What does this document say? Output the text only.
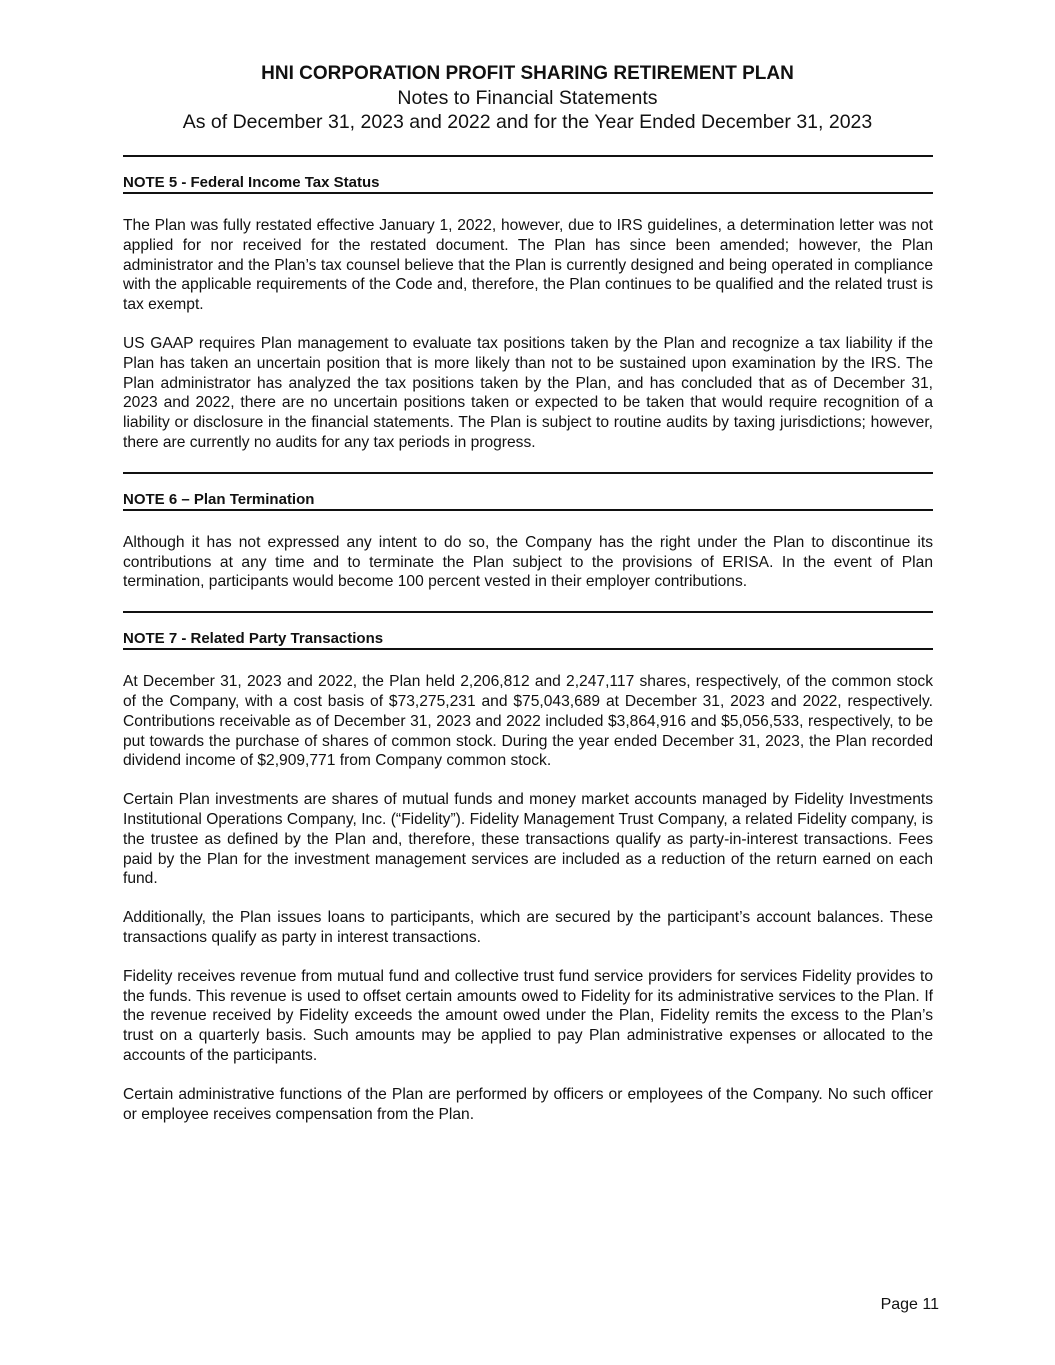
HNI CORPORATION PROFIT SHARING RETIREMENT PLAN
Notes to Financial Statements
As of December 31, 2023 and 2022 and for the Year Ended December 31, 2023
NOTE 5 - Federal Income Tax Status

The Plan was fully restated effective January 1, 2022, however, due to IRS guidelines, a determination letter was not applied for nor received for the restated document. The Plan has since been amended; however, the Plan administrator and the Plan’s tax counsel believe that the Plan is currently designed and being operated in compliance with the applicable requirements of the Code and, therefore, the Plan continues to be qualified and the related trust is tax exempt.

US GAAP requires Plan management to evaluate tax positions taken by the Plan and recognize a tax liability if the Plan has taken an uncertain position that is more likely than not to be sustained upon examination by the IRS. The Plan administrator has analyzed the tax positions taken by the Plan, and has concluded that as of December 31, 2023 and 2022, there are no uncertain positions taken or expected to be taken that would require recognition of a liability or disclosure in the financial statements. The Plan is subject to routine audits by taxing jurisdictions; however, there are currently no audits for any tax periods in progress.

NOTE 6 – Plan Termination

Although it has not expressed any intent to do so, the Company has the right under the Plan to discontinue its contributions at any time and to terminate the Plan subject to the provisions of ERISA. In the event of Plan termination, participants would become 100 percent vested in their employer contributions.

NOTE 7 - Related Party Transactions

At December 31, 2023 and 2022, the Plan held 2,206,812 and 2,247,117 shares, respectively, of the common stock of the Company, with a cost basis of $73,275,231 and $75,043,689 at December 31, 2023 and 2022, respectively. Contributions receivable as of December 31, 2023 and 2022 included $3,864,916 and $5,056,533, respectively, to be put towards the purchase of shares of common stock. During the year ended December 31, 2023, the Plan recorded dividend income of $2,909,771 from Company common stock.

Certain Plan investments are shares of mutual funds and money market accounts managed by Fidelity Investments Institutional Operations Company, Inc. (“Fidelity”). Fidelity Management Trust Company, a related Fidelity company, is the trustee as defined by the Plan and, therefore, these transactions qualify as party-in-interest transactions. Fees paid by the Plan for the investment management services are included as a reduction of the return earned on each fund.

Additionally, the Plan issues loans to participants, which are secured by the participant’s account balances. These transactions qualify as party in interest transactions.

Fidelity receives revenue from mutual fund and collective trust fund service providers for services Fidelity provides to the funds. This revenue is used to offset certain amounts owed to Fidelity for its administrative services to the Plan. If the revenue received by Fidelity exceeds the amount owed under the Plan, Fidelity remits the excess to the Plan’s trust on a quarterly basis. Such amounts may be applied to pay Plan administrative expenses or allocated to the accounts of the participants.

Certain administrative functions of the Plan are performed by officers or employees of the Company. No such officer or employee receives compensation from the Plan.

Page 11
